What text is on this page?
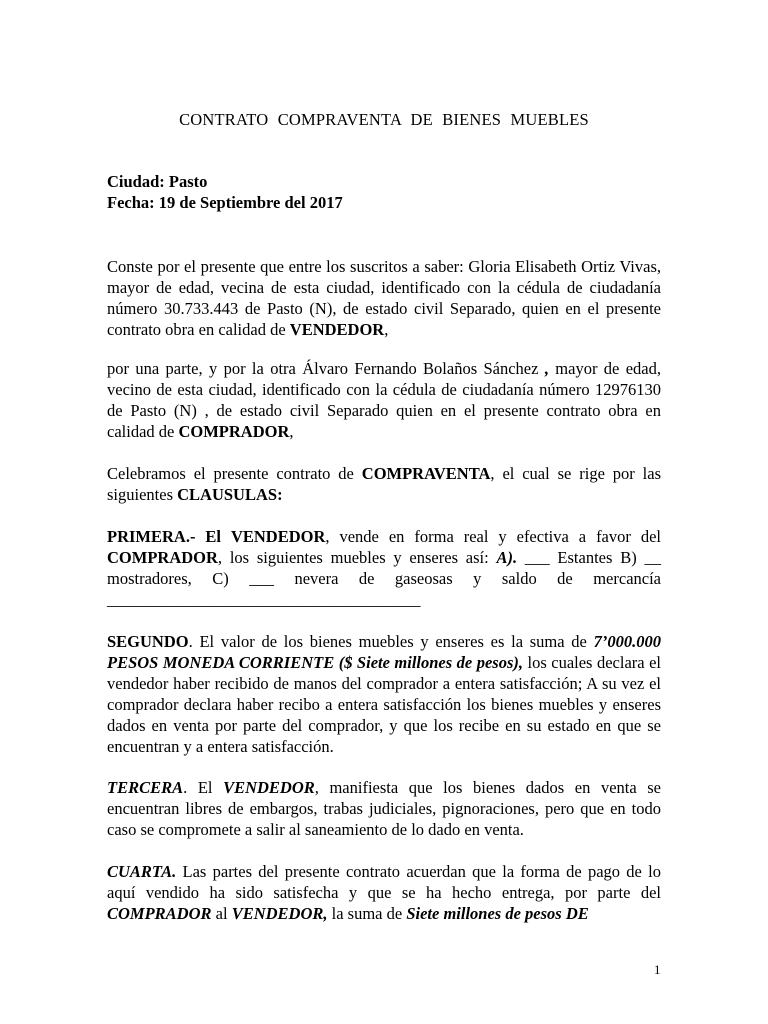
CONTRATO COMPRAVENTA DE BIENES MUEBLES
Ciudad: Pasto
Fecha: 19 de Septiembre del 2017

Conste por el presente que entre los suscritos a saber: Gloria Elisabeth Ortiz Vivas, mayor de edad, vecina de esta ciudad, identificado con la cédula de ciudadanía número 30.733.443 de Pasto (N), de estado civil Separado, quien en el presente contrato obra en calidad de VENDEDOR,

por una parte, y por la otra Álvaro Fernando Bolaños Sánchez , mayor de edad, vecino de esta ciudad, identificado con la cédula de ciudadanía número 12976130 de Pasto (N) , de estado civil Separado quien en el presente contrato obra en calidad de COMPRADOR,

Celebramos el presente contrato de COMPRAVENTA, el cual se rige por las siguientes CLAUSULAS:

PRIMERA.- El VENDEDOR, vende en forma real y efectiva a favor del COMPRADOR, los siguientes muebles y enseres así: A). ___ Estantes B) __ mostradores, C) ___ nevera de gaseosas y saldo de mercancía ______________________________________

SEGUNDO. El valor de los bienes muebles y enseres es la suma de 7’000.000 PESOS MONEDA CORRIENTE ($ Siete millones de pesos), los cuales declara el vendedor haber recibido de manos del comprador a entera satisfacción; A su vez el comprador declara haber recibo a entera satisfacción los bienes muebles y enseres dados en venta por parte del comprador, y que los recibe en su estado en que se encuentran y a entera satisfacción.

TERCERA. El VENDEDOR, manifiesta que los bienes dados en venta se encuentran libres de embargos, trabas judiciales, pignoraciones, pero que en todo caso se compromete a salir al saneamiento de lo dado en venta.

CUARTA. Las partes del presente contrato acuerdan que la forma de pago de lo aquí vendido ha sido satisfecha y que se ha hecho entrega, por parte del COMPRADOR al VENDEDOR, la suma de Siete millones de pesos DE

1
